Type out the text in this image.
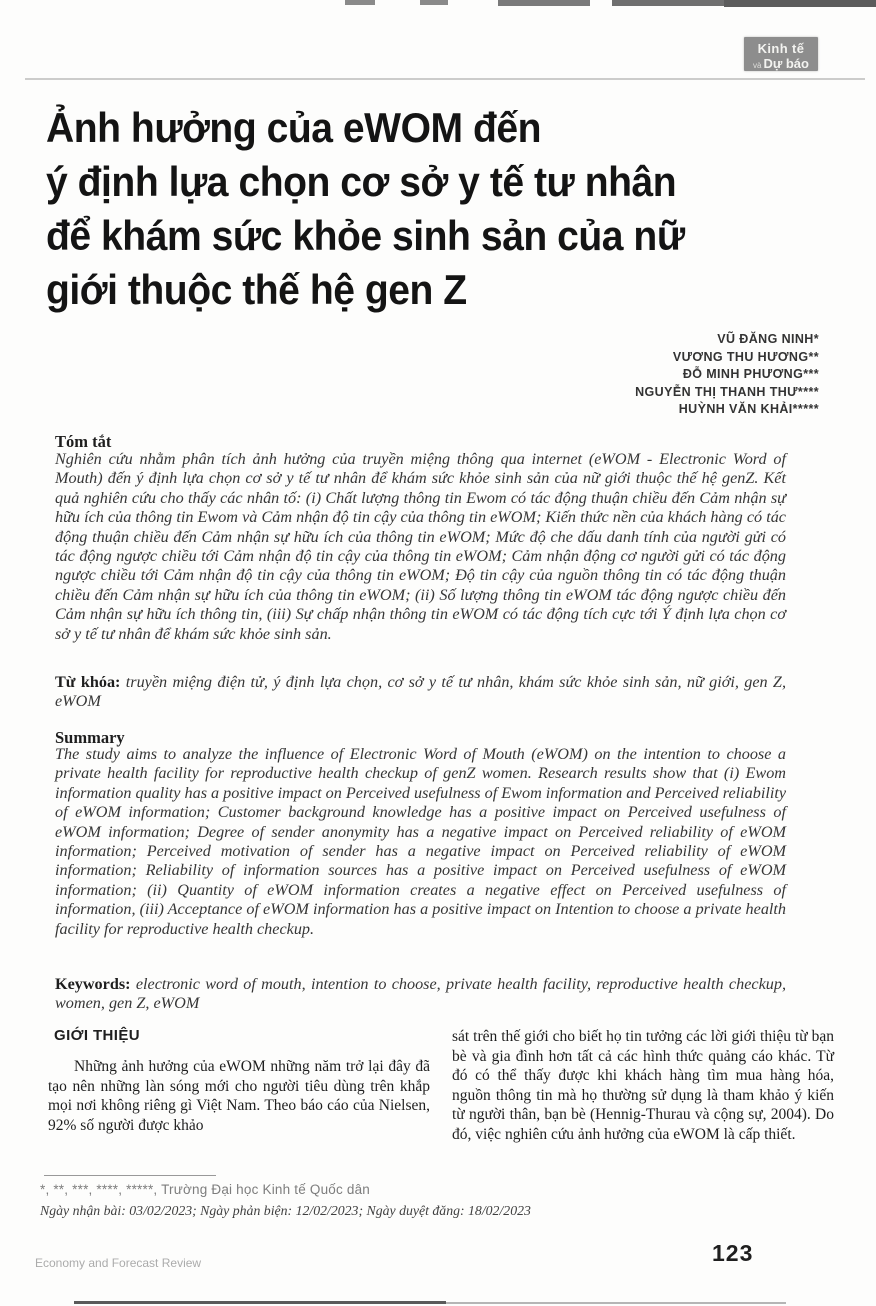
Kinh tế
và Dự báo
Ảnh hưởng của eWOM đến
ý định lựa chọn cơ sở y tế tư nhân
để khám sức khỏe sinh sản của nữ
giới thuộc thế hệ gen Z
VŨ ĐĂNG NINH*
VƯƠNG THU HƯƠNG**
ĐỖ MINH PHƯƠNG***
NGUYỄN THỊ THANH THƯ****
HUỲNH VĂN KHẢI*****
Tóm tắt
Nghiên cứu nhằm phân tích ảnh hưởng của truyền miệng thông qua internet (eWOM - Electronic Word of Mouth) đến ý định lựa chọn cơ sở y tế tư nhân để khám sức khỏe sinh sản của nữ giới thuộc thế hệ genZ. Kết quả nghiên cứu cho thấy các nhân tố: (i) Chất lượng thông tin Ewom có tác động thuận chiều đến Cảm nhận sự hữu ích của thông tin Ewom và Cảm nhận độ tin cậy của thông tin eWOM; Kiến thức nền của khách hàng có tác động thuận chiều đến Cảm nhận sự hữu ích của thông tin eWOM; Mức độ che dấu danh tính của người gửi có tác động ngược chiều tới Cảm nhận độ tin cậy của thông tin eWOM; Cảm nhận động cơ người gửi có tác động ngược chiều tới Cảm nhận độ tin cậy của thông tin eWOM; Độ tin cậy của nguồn thông tin có tác động thuận chiều đến Cảm nhận sự hữu ích của thông tin eWOM; (ii) Số lượng thông tin eWOM tác động ngược chiều đến Cảm nhận sự hữu ích thông tin, (iii) Sự chấp nhận thông tin eWOM có tác động tích cực tới Ý định lựa chọn cơ sở y tế tư nhân để khám sức khỏe sinh sản.
Từ khóa: truyền miệng điện tử, ý định lựa chọn, cơ sở y tế tư nhân, khám sức khỏe sinh sản, nữ giới, gen Z, eWOM
Summary
The study aims to analyze the influence of Electronic Word of Mouth (eWOM) on the intention to choose a private health facility for reproductive health checkup of genZ women. Research results show that (i) Ewom information quality has a positive impact on Perceived usefulness of Ewom information and Perceived reliability of eWOM information; Customer background knowledge has a positive impact on Perceived usefulness of eWOM information; Degree of sender anonymity has a negative impact on Perceived reliability of eWOM information; Perceived motivation of sender has a negative impact on Perceived reliability of eWOM information; Reliability of information sources has a positive impact on Perceived usefulness of eWOM information; (ii) Quantity of eWOM information creates a negative effect on Perceived usefulness of information, (iii) Acceptance of eWOM information has a positive impact on Intention to choose a private health facility for reproductive health checkup.
Keywords: electronic word of mouth, intention to choose, private health facility, reproductive health checkup, women, gen Z, eWOM
GIỚI THIỆU

Những ảnh hưởng của eWOM những năm trở lại đây đã tạo nên những làn sóng mới cho người tiêu dùng trên khắp mọi nơi không riêng gì Việt Nam. Theo báo cáo của Nielsen, 92% số người được khảo

sát trên thế giới cho biết họ tin tưởng các lời giới thiệu từ bạn bè và gia đình hơn tất cả các hình thức quảng cáo khác. Từ đó có thể thấy được khi khách hàng tìm mua hàng hóa, nguồn thông tin mà họ thường sử dụng là tham khảo ý kiến từ người thân, bạn bè (Hennig-Thurau và cộng sự, 2004). Do đó, việc nghiên cứu ảnh hưởng của eWOM là cấp thiết.

*, **, ***, ****, *****, Trường Đại học Kinh tế Quốc dân
Ngày nhận bài: 03/02/2023; Ngày phản biện: 12/02/2023; Ngày duyệt đăng: 18/02/2023
Economy and Forecast Review	123
